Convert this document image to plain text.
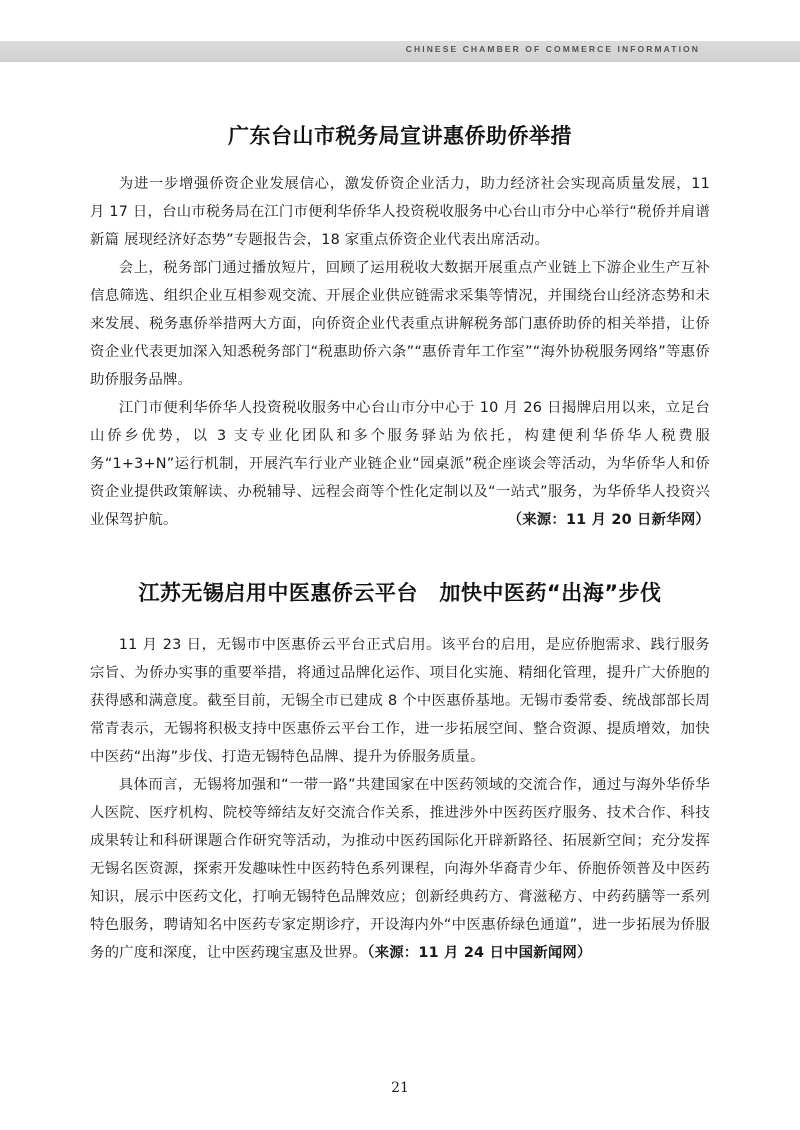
CHINESE CHAMBER OF COMMERCE INFORMATION
广东台山市税务局宣讲惠侨助侨举措

为进一步增强侨资企业发展信心，激发侨资企业活力，助力经济社会实现高质量发展，11 月 17 日，台山市税务局在江门市便利华侨华人投资税收服务中心台山市分中心举行“税侨并肩谱新篇 展现经济好态势”专题报告会，18 家重点侨资企业代表出席活动。

会上，税务部门通过播放短片，回顾了运用税收大数据开展重点产业链上下游企业生产互补信息筛选、组织企业互相参观交流、开展企业供应链需求采集等情况，并围绕台山经济态势和未来发展、税务惠侨举措两大方面，向侨资企业代表重点讲解税务部门惠侨助侨的相关举措，让侨资企业代表更加深入知悉税务部门“税惠助侨六条”“惠侨青年工作室”“海外协税服务网络”等惠侨助侨服务品牌。

江门市便利华侨华人投资税收服务中心台山市分中心于 10 月 26 日揭牌启用以来，立足台山侨乡优势，以 3 支专业化团队和多个服务驿站为依托，构建便利华侨华人税费服务“1+3+N”运行机制，开展汽车行业产业链企业“园桌派”税企座谈会等活动，为华侨华人和侨资企业提供政策解读、办税辅导、远程会商等个性化定制以及“一站式”服务，为华侨华人投资兴业保驾护航。	（来源：11 月 20 日新华网）

江苏无锡启用中医惠侨云平台　加快中医药“出海”步伐

11 月 23 日，无锡市中医惠侨云平台正式启用。该平台的启用，是应侨胞需求、践行服务宗旨、为侨办实事的重要举措，将通过品牌化运作、项目化实施、精细化管理，提升广大侨胞的获得感和满意度。截至目前，无锡全市已建成 8 个中医惠侨基地。无锡市委常委、统战部部长周常青表示，无锡将积极支持中医惠侨云平台工作，进一步拓展空间、整合资源、提质增效，加快中医药“出海”步伐、打造无锡特色品牌、提升为侨服务质量。

具体而言，无锡将加强和“一带一路”共建国家在中医药领域的交流合作，通过与海外华侨华人医院、医疗机构、院校等缔结友好交流合作关系，推进涉外中医药医疗服务、技术合作、科技成果转让和科研课题合作研究等活动，为推动中医药国际化开辟新路径、拓展新空间；充分发挥无锡名医资源，探索开发趣味性中医药特色系列课程，向海外华裔青少年、侨胞侨领普及中医药知识，展示中医药文化，打响无锡特色品牌效应；创新经典药方、膏滋秘方、中药药膳等一系列特色服务，聘请知名中医药专家定期诊疗，开设海内外“中医惠侨绿色通道”，进一步拓展为侨服务的广度和深度，让中医药瑰宝惠及世界。（来源：11 月 24 日中国新闻网）

21
